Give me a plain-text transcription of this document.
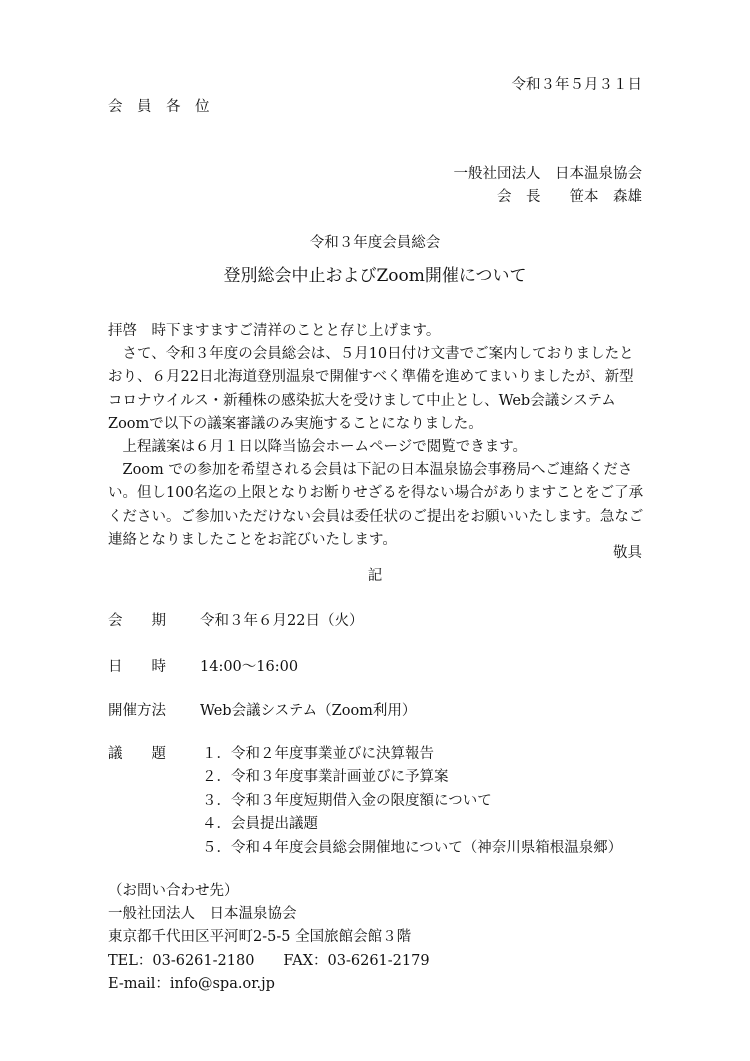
令和３年５月３１日
会　員　各　位
一般社団法人　日本温泉協会
会　長　　笹本　森雄
令和３年度会員総会
登別総会中止およびZoom開催について

拝啓　時下ますますご清祥のことと存じ上げます。

さて、令和３年度の会員総会は、５月10日付け文書でご案内しておりましたとおり、６月22日北海道登別温泉で開催すべく準備を進めてまいりましたが、新型コロナウイルス・新種株の感染拡大を受けまして中止とし、Web会議システムZoomで以下の議案審議のみ実施することになりました。

上程議案は６月１日以降当協会ホームページで閲覧できます。

Zoom での参加を希望される会員は下記の日本温泉協会事務局へご連絡ください。但し100名迄の上限となりお断りせざるを得ない場合がありますことをご了承ください。ご参加いただけない会員は委任状のご提出をお願いいたします。急なご連絡となりましたことをお詫びいたします。

敬具
記
会　　期	令和３年６月22日（火）
日　　時	14:00～16:00
開催方法	Web会議システム（Zoom利用）
議　　題	１．令和２年度事業並びに決算報告
２．令和３年度事業計画並びに予算案
３．令和３年度短期借入金の限度額について
４．会員提出議題
５．令和４年度会員総会開催地について（神奈川県箱根温泉郷）
（お問い合わせ先）
一般社団法人　日本温泉協会
東京都千代田区平河町2-5-5 全国旅館会館３階
TEL：03-6261-2180　　FAX：03-6261-2179
E-mail：info@spa.or.jp
